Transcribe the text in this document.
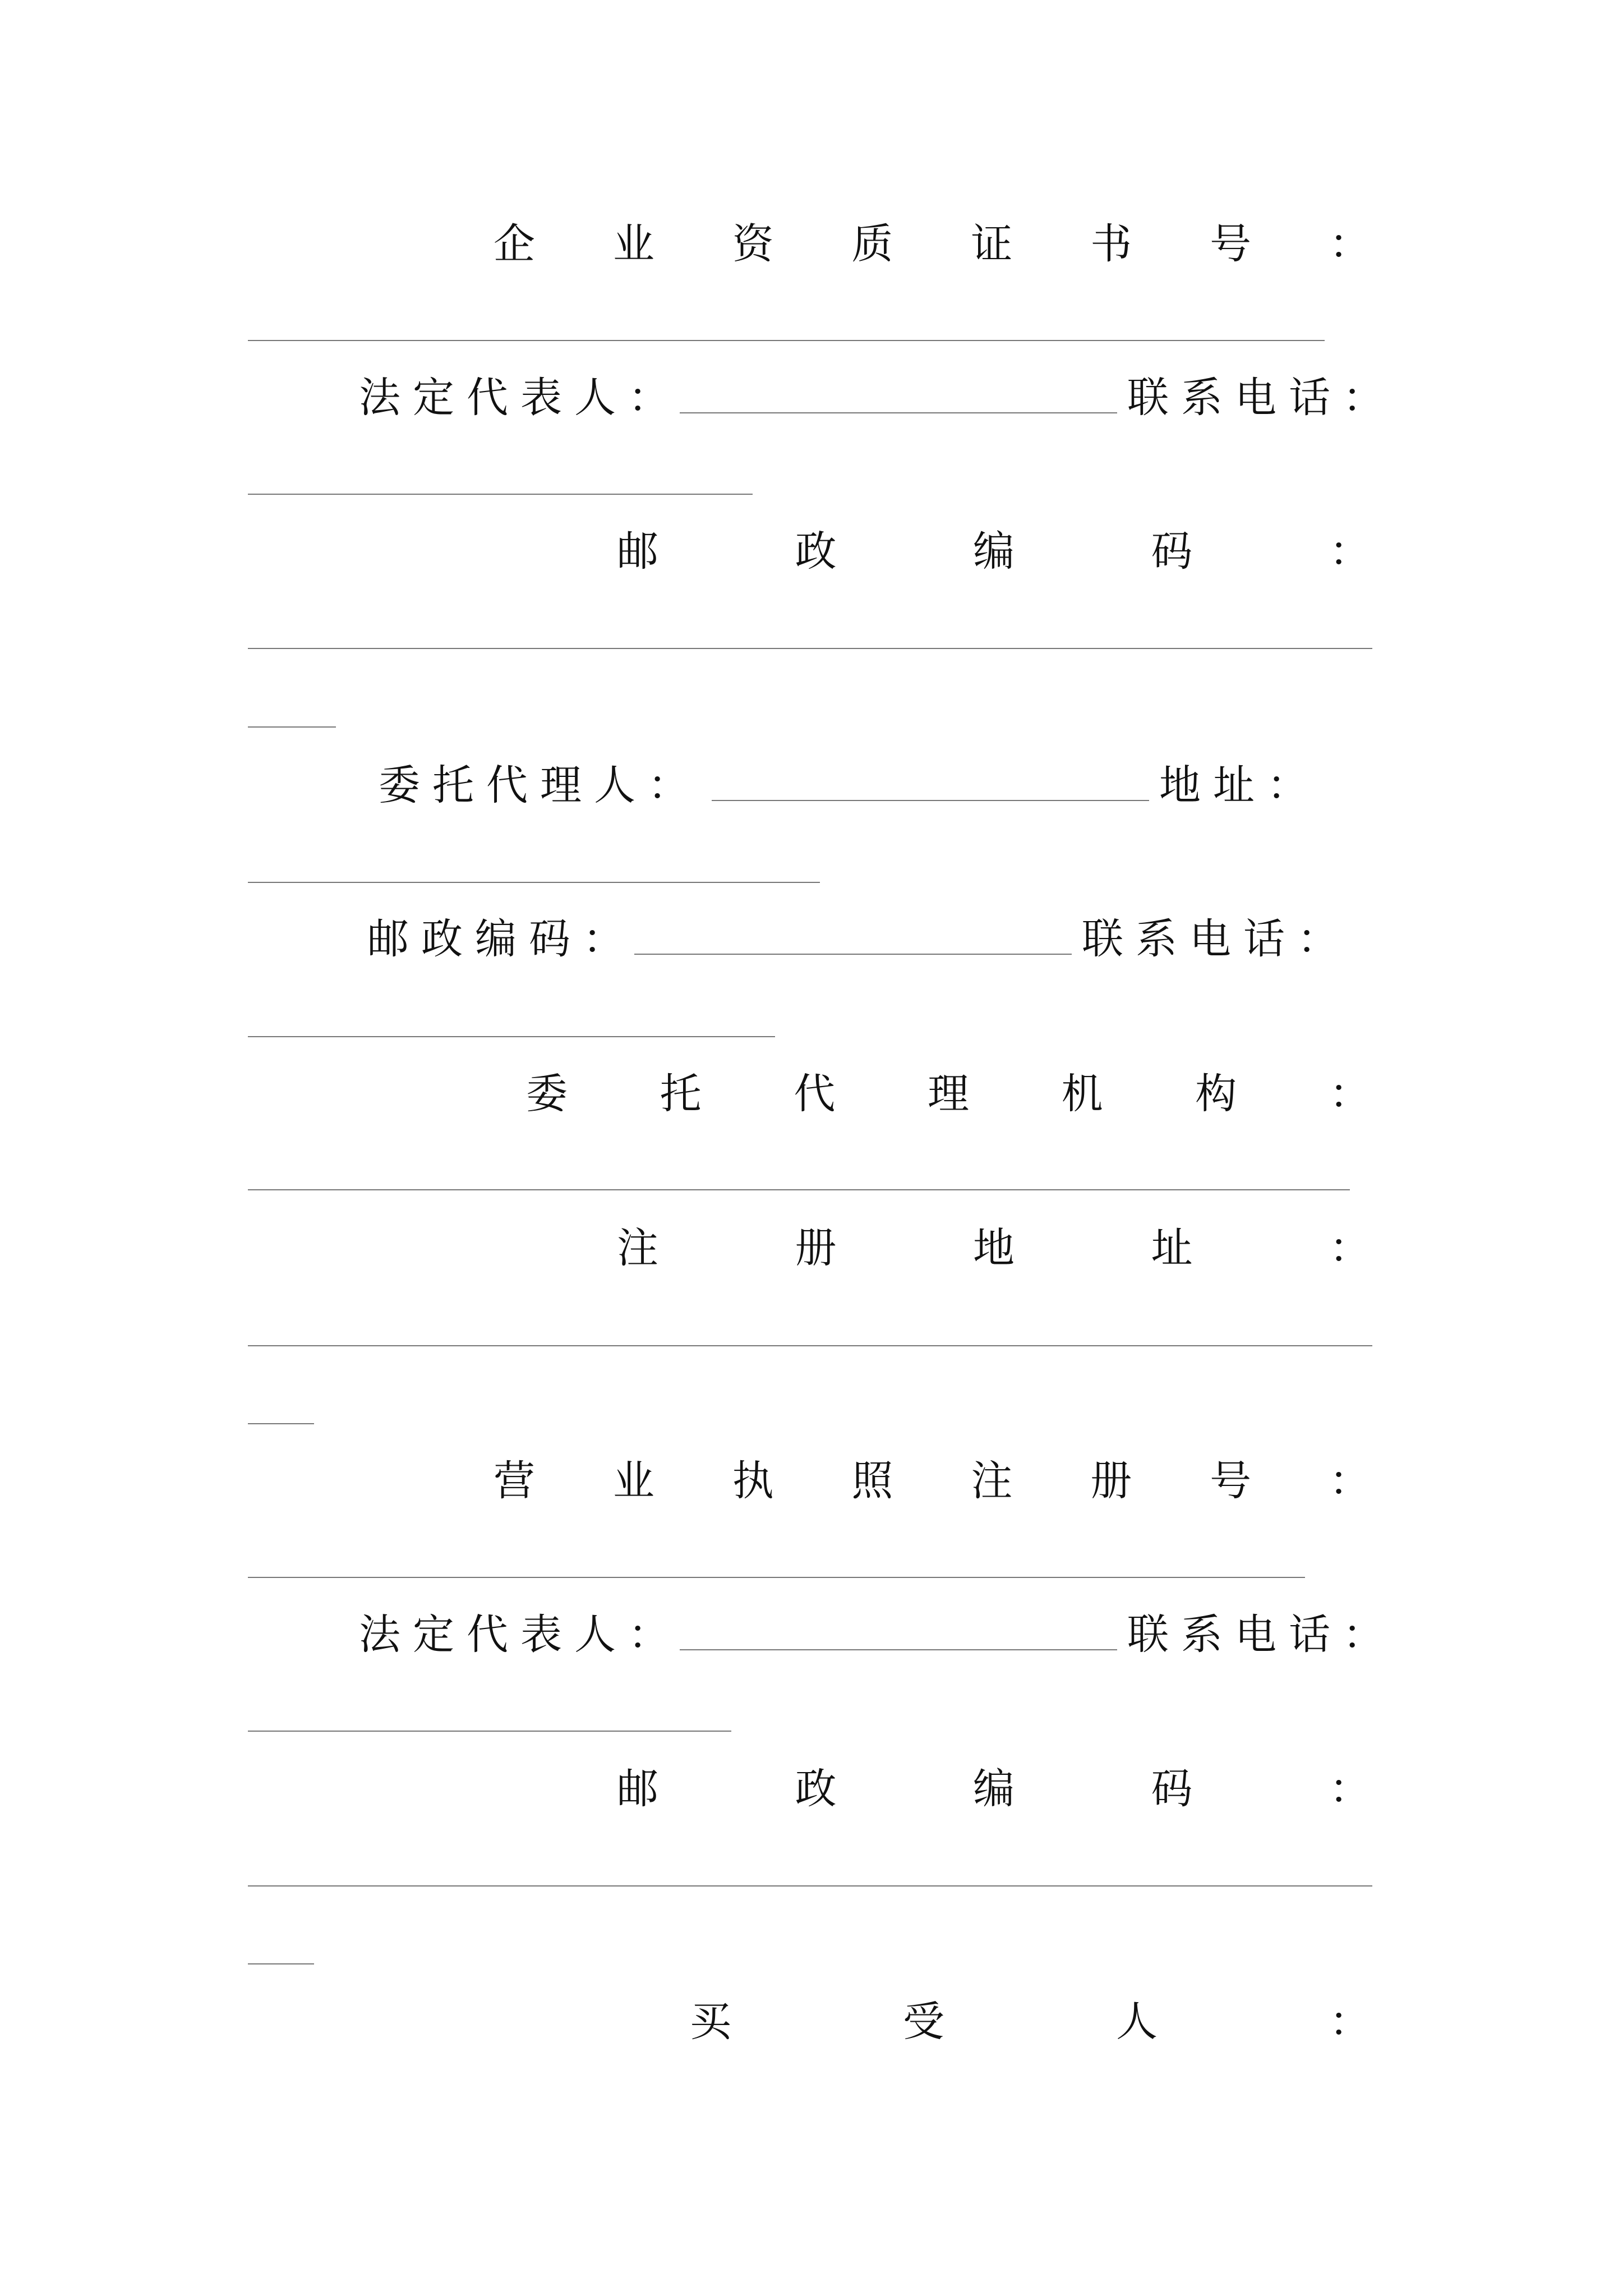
企 业 资 质 证 书 号 ：
法定代表人 ：	联系电话 ：
邮	政	编	码	：
委托代理人 ：	地址 ：
邮政编码 ：	联系电话 ：
委 托 代 理 机 构 ：
注	册	地	址	：
营 业 执 照 注 册 号 ：
法定代表人 ：	联系电话 ：
邮	政	编	码	：
买	受	人	：
